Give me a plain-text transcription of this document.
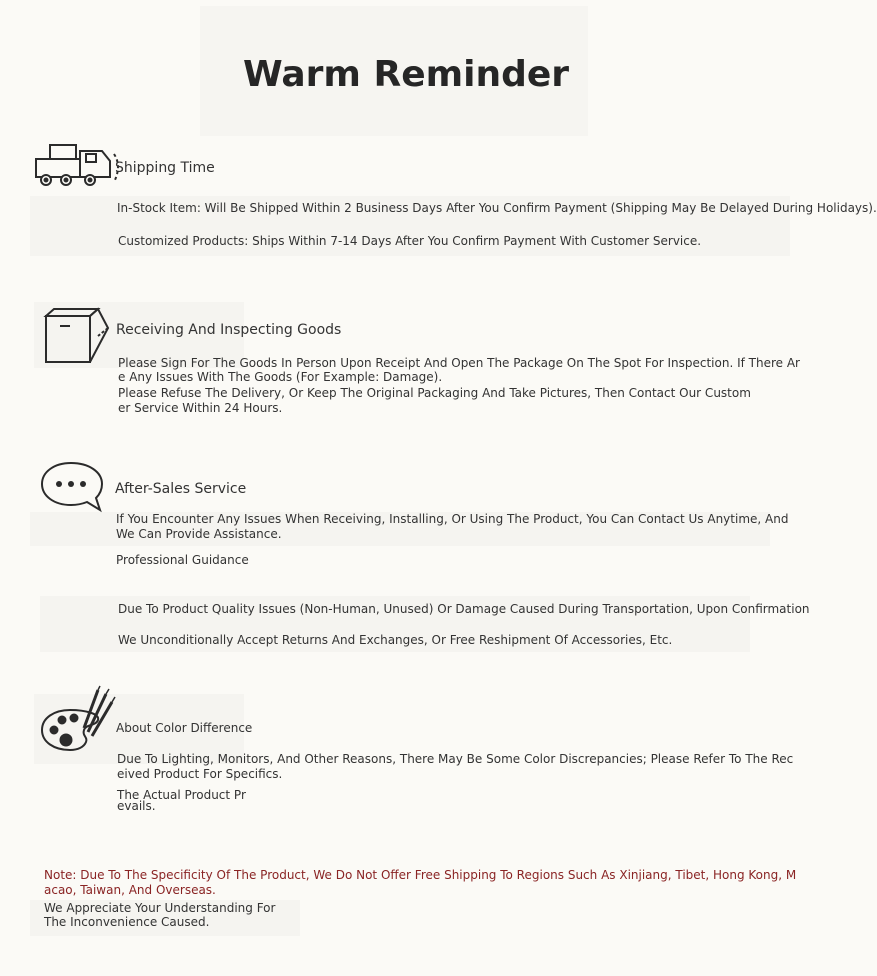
Warm Reminder
Shipping Time
In-Stock Item: Will Be Shipped Within 2 Business Days After You Confirm Payment (Shipping May Be Delayed During Holidays).
Customized Products: Ships Within 7-14 Days After You Confirm Payment With Customer Service.
Receiving And Inspecting Goods
Please Sign For The Goods In Person Upon Receipt And Open The Package On The Spot For Inspection. If There Ar
e Any Issues With The Goods (For Example: Damage).
Please Refuse The Delivery, Or Keep The Original Packaging And Take Pictures, Then Contact Our Custom
er Service Within 24 Hours.
After-Sales Service
If You Encounter Any Issues When Receiving, Installing, Or Using The Product, You Can Contact Us Anytime, And
We Can Provide Assistance.
Professional Guidance
Due To Product Quality Issues (Non-Human, Unused) Or Damage Caused During Transportation, Upon Confirmation
We Unconditionally Accept Returns And Exchanges, Or Free Reshipment Of Accessories, Etc.
About Color Difference
Due To Lighting, Monitors, And Other Reasons, There May Be Some Color Discrepancies; Please Refer To The Rec
eived Product For Specifics.
The Actual Product Pr
evails.
Note: Due To The Specificity Of The Product, We Do Not Offer Free Shipping To Regions Such As Xinjiang, Tibet, Hong Kong, M
acao, Taiwan, And Overseas.
We Appreciate Your Understanding For
The Inconvenience Caused.
